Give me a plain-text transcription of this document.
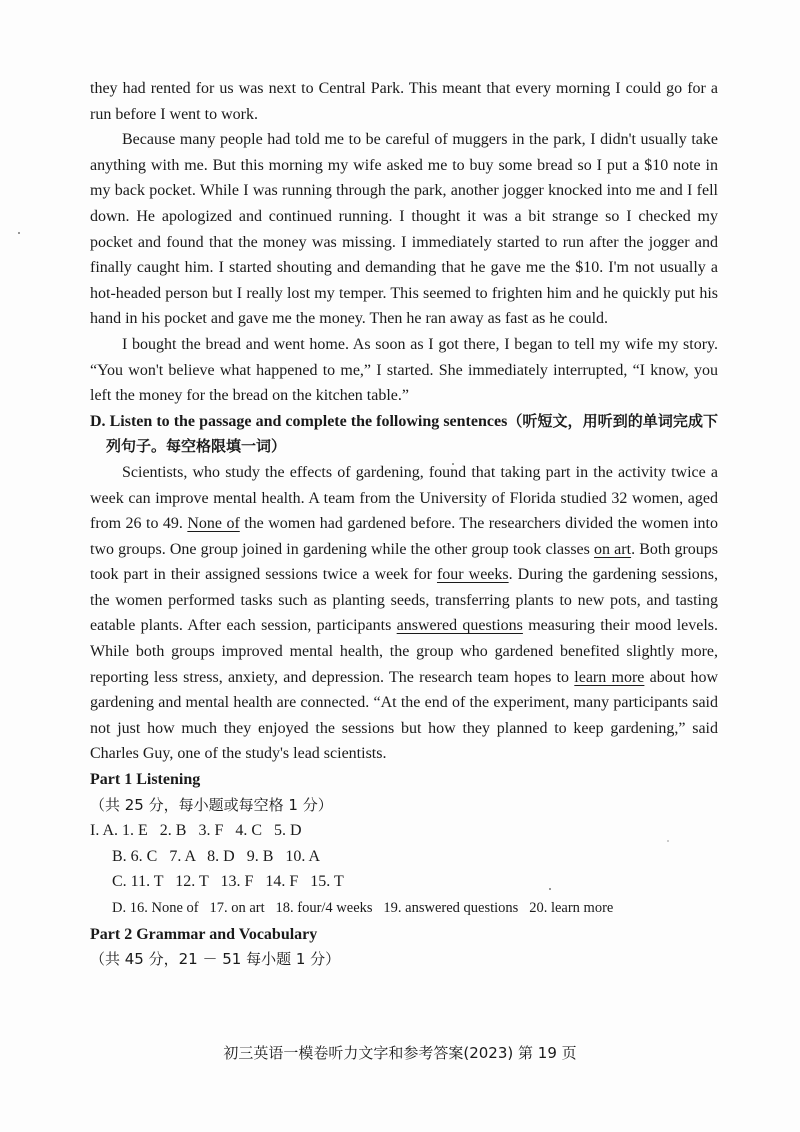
they had rented for us was next to Central Park. This meant that every morning I could go for a run before I went to work.

Because many people had told me to be careful of muggers in the park, I didn't usually take anything with me. But this morning my wife asked me to buy some bread so I put a $10 note in my back pocket. While I was running through the park, another jogger knocked into me and I fell down. He apologized and continued running. I thought it was a bit strange so I checked my pocket and found that the money was missing. I immediately started to run after the jogger and finally caught him. I started shouting and demanding that he gave me the $10. I'm not usually a hot-headed person but I really lost my temper. This seemed to frighten him and he quickly put his hand in his pocket and gave me the money. Then he ran away as fast as he could.

I bought the bread and went home. As soon as I got there, I began to tell my wife my story. “You won't believe what happened to me,” I started. She immediately interrupted, “I know, you left the money for the bread on the kitchen table.”

D. Listen to the passage and complete the following sentences（听短文，用听到的单词完成下列句子。每空格限填一词）

Scientists, who study the effects of gardening, found that taking part in the activity twice a week can improve mental health. A team from the University of Florida studied 32 women, aged from 26 to 49. None of the women had gardened before. The researchers divided the women into two groups. One group joined in gardening while the other group took classes on art. Both groups took part in their assigned sessions twice a week for four weeks. During the gardening sessions, the women performed tasks such as planting seeds, transferring plants to new pots, and tasting eatable plants. After each session, participants answered questions measuring their mood levels. While both groups improved mental health, the group who gardened benefited slightly more, reporting less stress, anxiety, and depression. The research team hopes to learn more about how gardening and mental health are connected. “At the end of the experiment, many participants said not just how much they enjoyed the sessions but how they planned to keep gardening,” said Charles Guy, one of the study's lead scientists.

Part 1 Listening

（共 25 分，每小题或每空格 1 分）

I. A. 1. E   2. B   3. F   4. C   5. D

B. 6. C   7. A   8. D   9. B   10. A

C. 11. T   12. T   13. F   14. F   15. T

D. 16. None of   17. on art   18. four/4 weeks   19. answered questions   20. learn more

Part 2 Grammar and Vocabulary

（共 45 分，21 － 51 每小题 1 分）

初三英语一模卷听力文字和参考答案(2023) 第 19 页
